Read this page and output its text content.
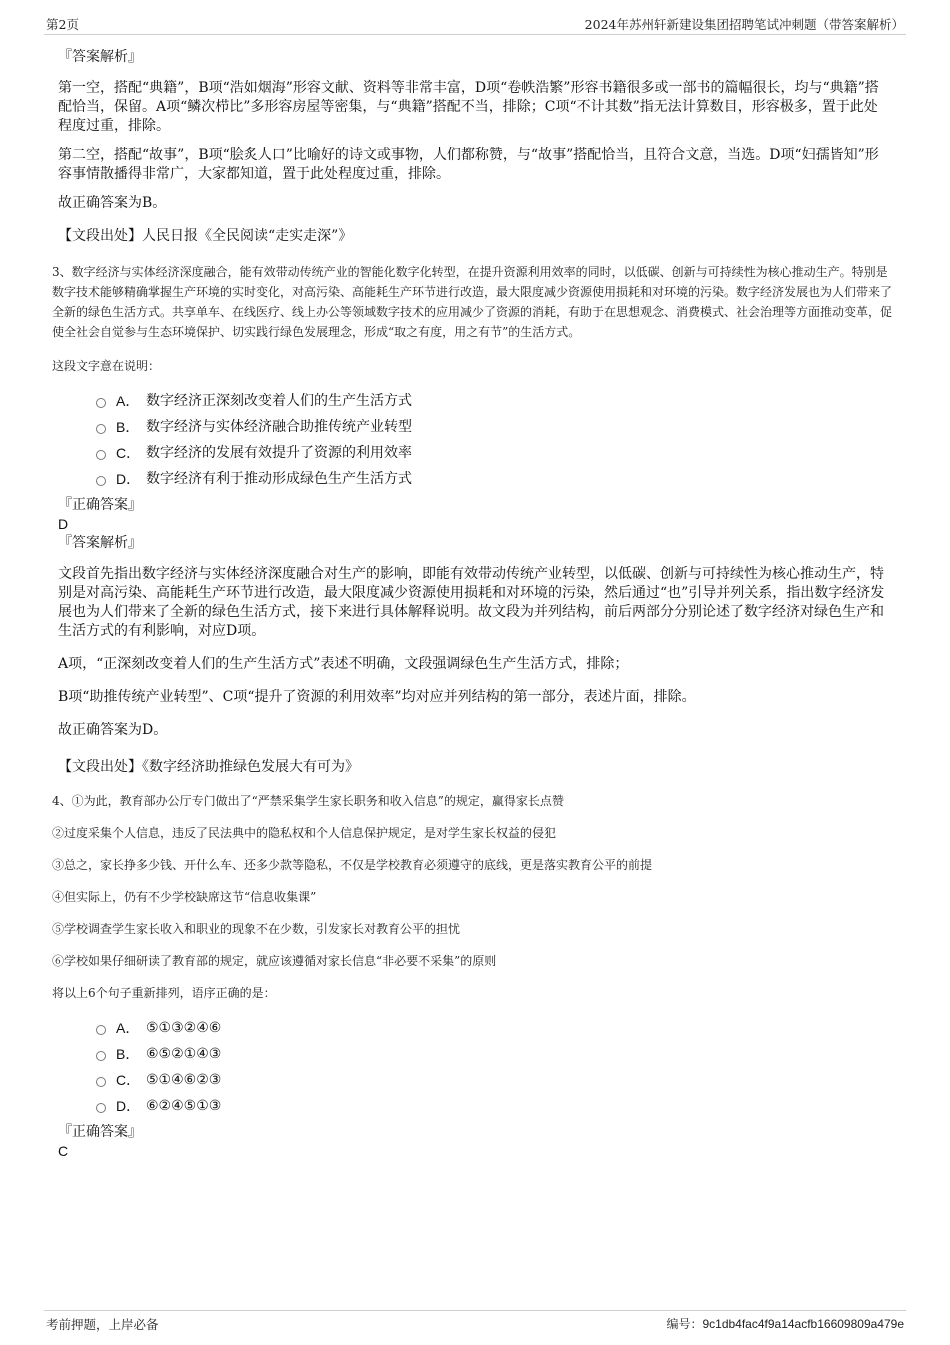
第2页	2024年苏州轩新建设集团招聘笔试冲刺题（带答案解析）

『答案解析』

第一空，搭配“典籍”，B项“浩如烟海”形容文献、资料等非常丰富，D项“卷帙浩繁”形容书籍很多或一部书的篇幅很长，均与“典籍”搭配恰当，保留。A项“鳞次栉比”多形容房屋等密集，与“典籍”搭配不当，排除；C项“不计其数”指无法计算数目，形容极多，置于此处程度过重，排除。

第二空，搭配“故事”，B项“脍炙人口”比喻好的诗文或事物，人们都称赞，与“故事”搭配恰当，且符合文意，当选。D项“妇孺皆知”形容事情散播得非常广，大家都知道，置于此处程度过重，排除。

故正确答案为B。

【文段出处】人民日报《全民阅读“走实走深”》

3、数字经济与实体经济深度融合，能有效带动传统产业的智能化数字化转型，在提升资源利用效率的同时，以低碳、创新与可持续性为核心推动生产。特别是数字技术能够精确掌握生产环境的实时变化，对高污染、高能耗生产环节进行改造，最大限度减少资源使用损耗和对环境的污染。数字经济发展也为人们带来了全新的绿色生活方式。共享单车、在线医疗、线上办公等领域数字技术的应用减少了资源的消耗，有助于在思想观念、消费模式、社会治理等方面推动变革，促使全社会自觉参与生态环境保护、切实践行绿色发展理念，形成“取之有度，用之有节”的生活方式。

这段文字意在说明：

A． 数字经济正深刻改变着人们的生产生活方式
B． 数字经济与实体经济融合助推传统产业转型
C． 数字经济的发展有效提升了资源的利用效率
D． 数字经济有利于推动形成绿色生产生活方式

『正确答案』

D

『答案解析』

文段首先指出数字经济与实体经济深度融合对生产的影响，即能有效带动传统产业转型，以低碳、创新与可持续性为核心推动生产，特别是对高污染、高能耗生产环节进行改造，最大限度减少资源使用损耗和对环境的污染，然后通过“也”引导并列关系，指出数字经济发展也为人们带来了全新的绿色生活方式，接下来进行具体解释说明。故文段为并列结构，前后两部分分别论述了数字经济对绿色生产和生活方式的有利影响，对应D项。

A项，“正深刻改变着人们的生产生活方式”表述不明确，文段强调绿色生产生活方式，排除；

B项“助推传统产业转型”、C项“提升了资源的利用效率”均对应并列结构的第一部分，表述片面，排除。

故正确答案为D。

【文段出处】《数字经济助推绿色发展大有可为》

4、①为此，教育部办公厅专门做出了“严禁采集学生家长职务和收入信息”的规定，赢得家长点赞

②过度采集个人信息，违反了民法典中的隐私权和个人信息保护规定，是对学生家长权益的侵犯

③总之，家长挣多少钱、开什么车、还多少款等隐私，不仅是学校教育必须遵守的底线，更是落实教育公平的前提

④但实际上，仍有不少学校缺席这节“信息收集课”

⑤学校调查学生家长收入和职业的现象不在少数，引发家长对教育公平的担忧

⑥学校如果仔细研读了教育部的规定，就应该遵循对家长信息“非必要不采集”的原则

将以上6个句子重新排列，语序正确的是：

A． ⑤①③②④⑥
B． ⑥⑤②①④③
C． ⑤①④⑥②③
D． ⑥②④⑤①③

『正确答案』

C

考前押题，上岸必备	编号：9c1db4fac4f9a14acfb16609809a479e
